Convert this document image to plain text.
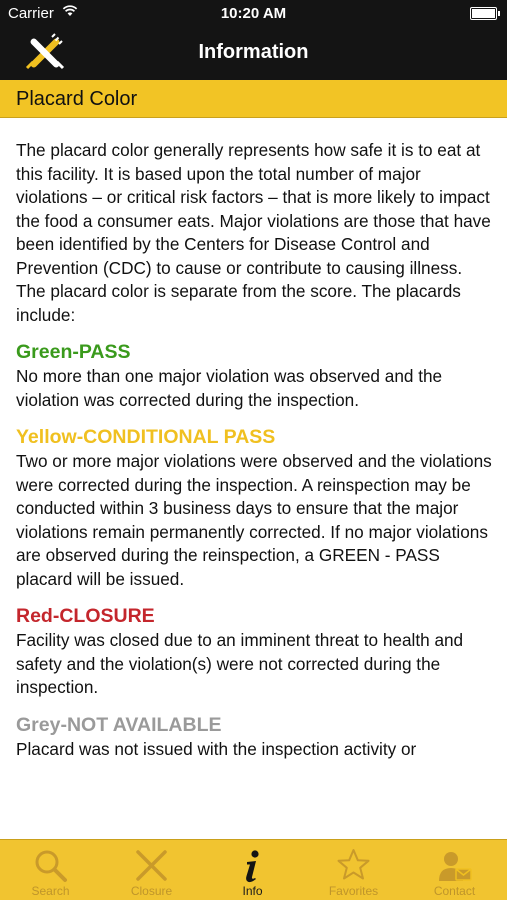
Carrier	10:20 AM
Information
Placard Color

The placard color generally represents how safe it is to eat at this facility. It is based upon the total number of major violations – or critical risk factors – that is more likely to impact the food a consumer eats. Major violations are those that have been identified by the Centers for Disease Control and Prevention (CDC) to cause or contribute to causing illness. The placard color is separate from the score. The placards include:

Green-PASS

No more than one major violation was observed and the violation was corrected during the inspection.

Yellow-CONDITIONAL PASS

Two or more major violations were observed and the violations were corrected during the inspection. A reinspection may be conducted within 3 business days to ensure that the major violations remain permanently corrected. If no major violations are observed during the reinspection, a GREEN - PASS placard will be issued.

Red-CLOSURE

Facility was closed due to an imminent threat to health and safety and the violation(s) were not corrected during the inspection.

Grey-NOT AVAILABLE

Placard was not issued with the inspection activity or

Search	Closure	Info	Favorites	Contact
